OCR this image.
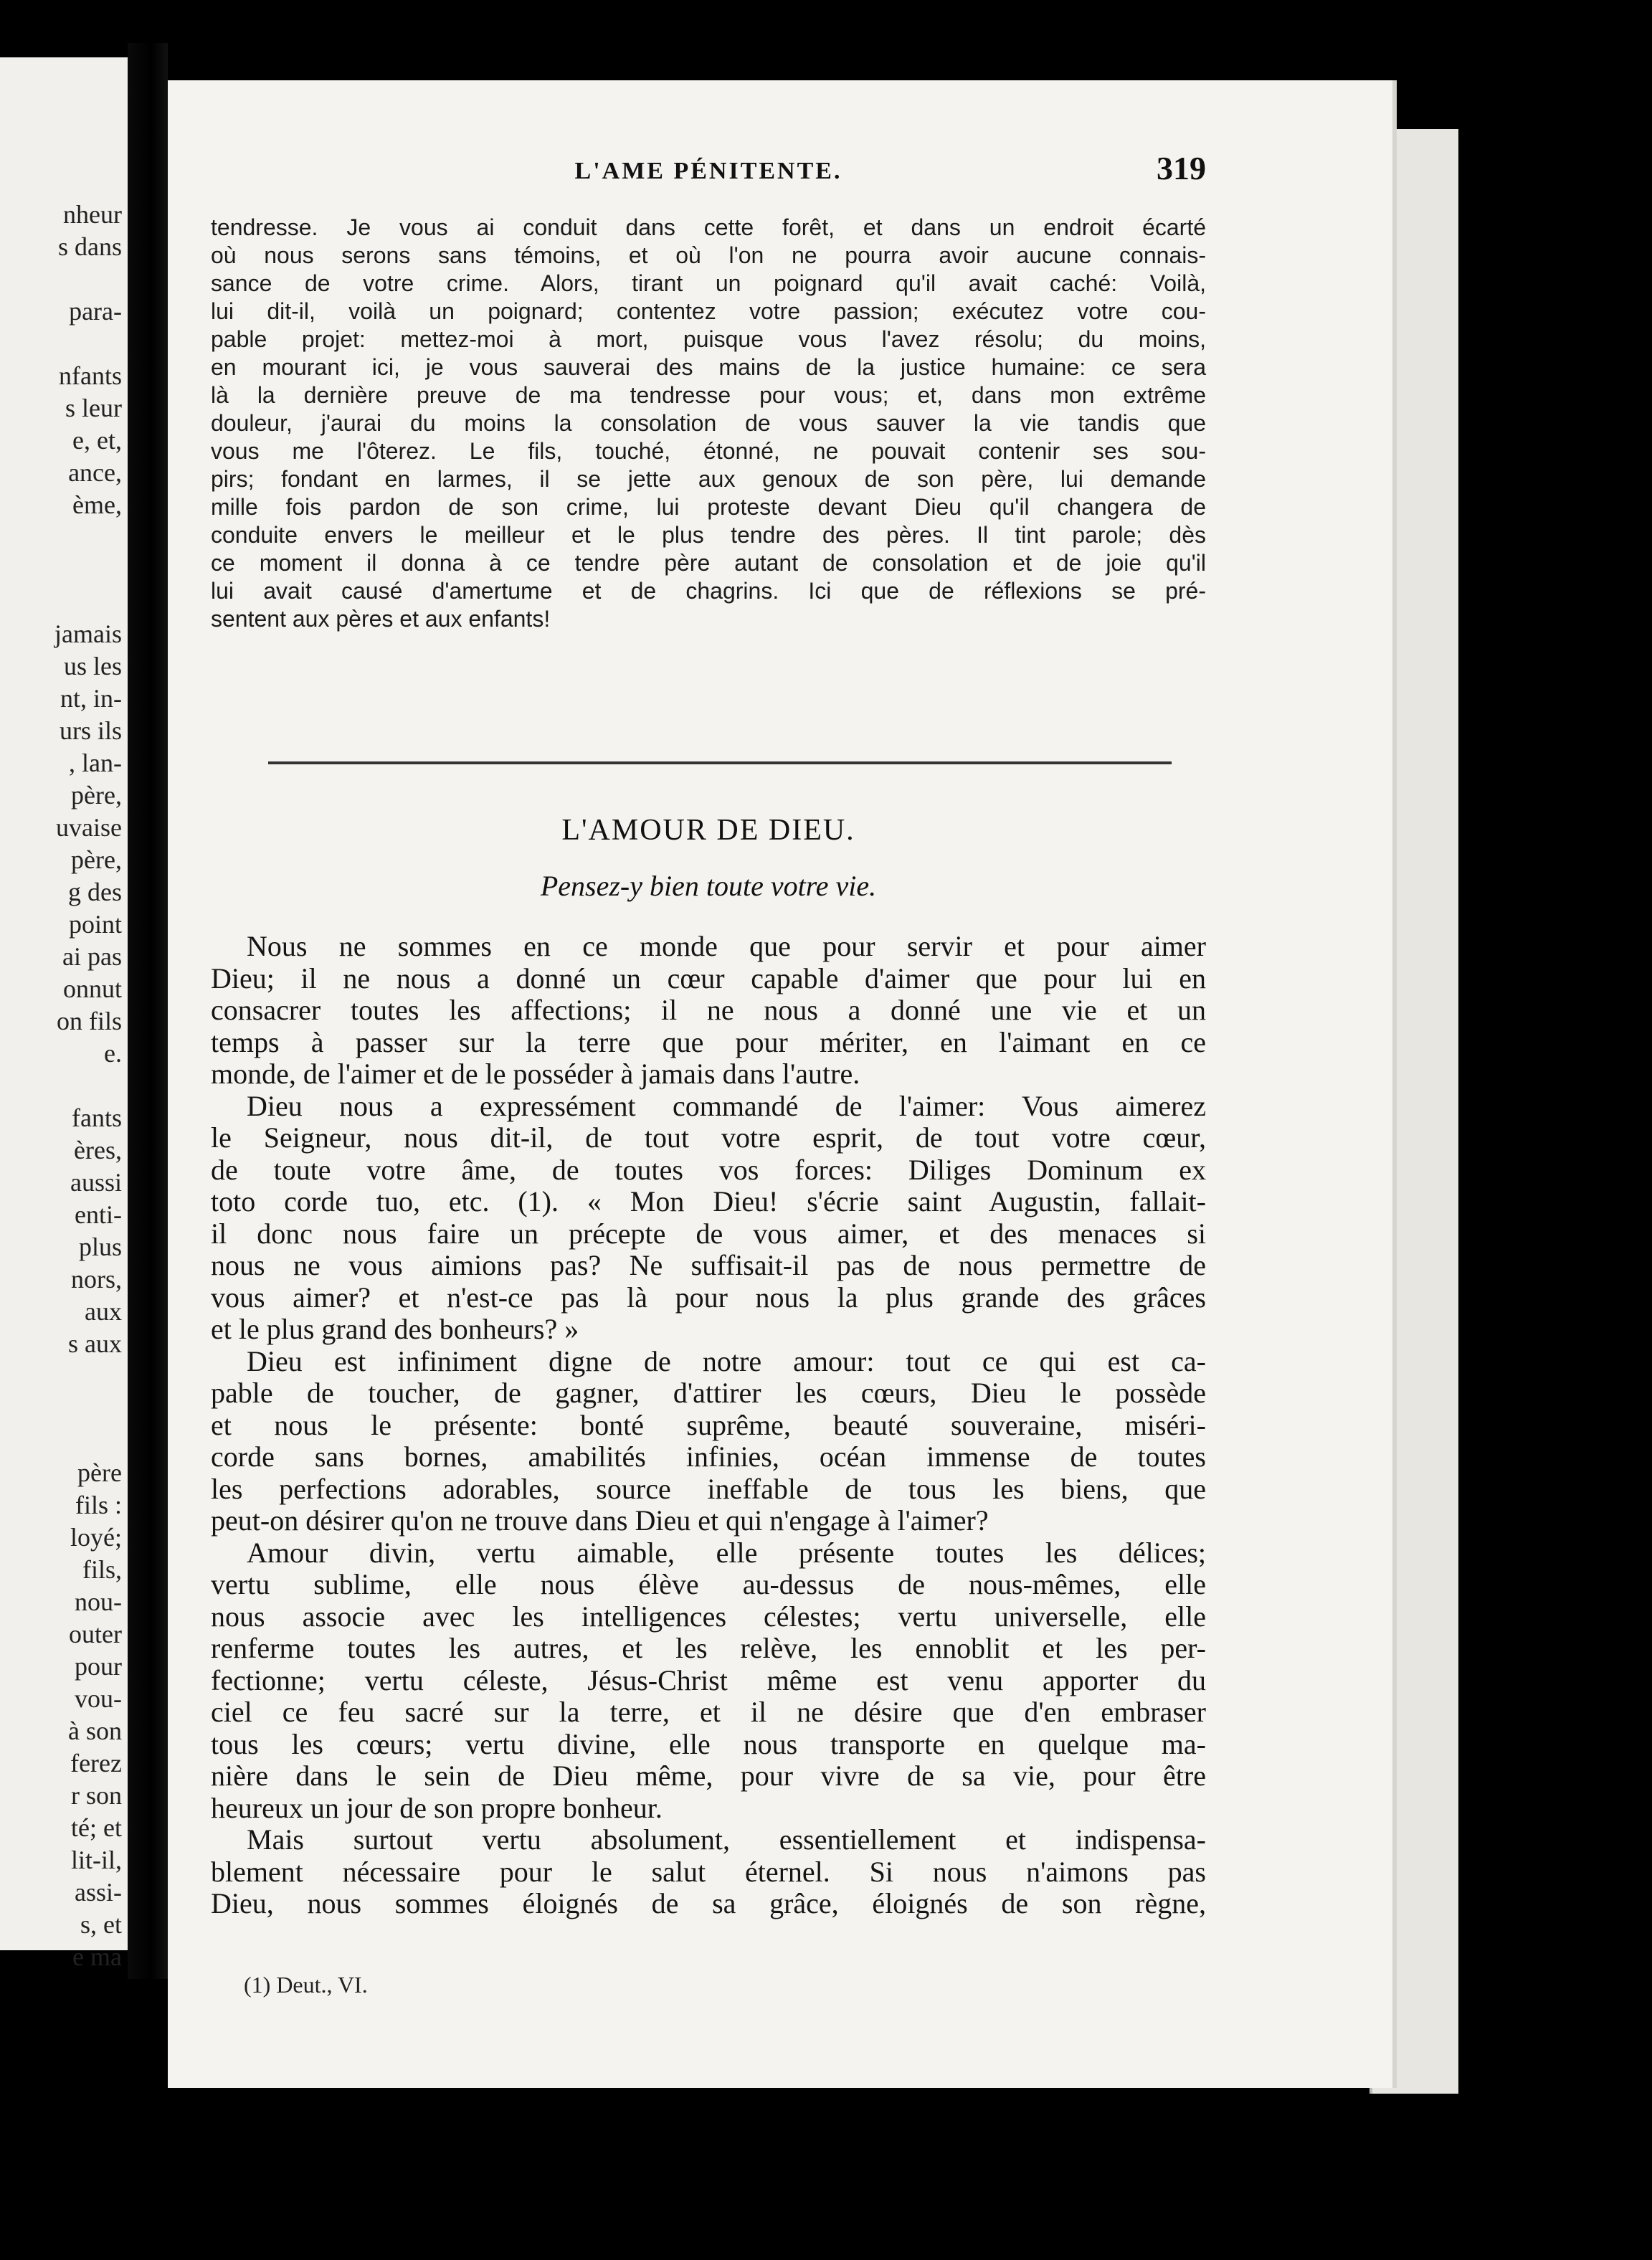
nheur
s dans
para-
nfants
s leur
e, et,
ance,
ème,
jamais
us les
nt, in-
urs ils
, lan-
père,
uvaise
père,
g des
point
ai pas
onnut
on fils
e.
fants
ères,
aussi
enti-
plus
nors,
aux
s aux
père
fils :
loyé;
fils,
nou-
outer
pour
vou-
à son
ferez
r son
té; et
lit-il,
assi-
s, et
e ma
L'AME PÉNITENTE.	319
tendresse. Je vous ai conduit dans cette forêt, et dans un endroit écarté
où nous serons sans témoins, et où l'on ne pourra avoir aucune connais-
sance de votre crime. Alors, tirant un poignard qu'il avait caché: Voilà,
lui dit-il, voilà un poignard; contentez votre passion; exécutez votre cou-
pable projet: mettez-moi à mort, puisque vous l'avez résolu; du moins,
en mourant ici, je vous sauverai des mains de la justice humaine: ce sera
là la dernière preuve de ma tendresse pour vous; et, dans mon extrême
douleur, j'aurai du moins la consolation de vous sauver la vie tandis que
vous me l'ôterez. Le fils, touché, étonné, ne pouvait contenir ses sou-
pirs; fondant en larmes, il se jette aux genoux de son père, lui demande
mille fois pardon de son crime, lui proteste devant Dieu qu'il changera de
conduite envers le meilleur et le plus tendre des pères. Il tint parole; dès
ce moment il donna à ce tendre père autant de consolation et de joie qu'il
lui avait causé d'amertume et de chagrins. Ici que de réflexions se pré-
sentent aux pères et aux enfants!
L'AMOUR DE DIEU.
Pensez-y bien toute votre vie.
Nous ne sommes en ce monde que pour servir et pour aimer
Dieu; il ne nous a donné un cœur capable d'aimer que pour lui en
consacrer toutes les affections; il ne nous a donné une vie et un
temps à passer sur la terre que pour mériter, en l'aimant en ce
monde, de l'aimer et de le posséder à jamais dans l'autre.
Dieu nous a expressément commandé de l'aimer: Vous aimerez
le Seigneur, nous dit-il, de tout votre esprit, de tout votre cœur,
de toute votre âme, de toutes vos forces: Diliges Dominum ex
toto corde tuo, etc. (1). « Mon Dieu! s'écrie saint Augustin, fallait-
il donc nous faire un précepte de vous aimer, et des menaces si
nous ne vous aimions pas? Ne suffisait-il pas de nous permettre de
vous aimer? et n'est-ce pas là pour nous la plus grande des grâces
et le plus grand des bonheurs? »
Dieu est infiniment digne de notre amour: tout ce qui est ca-
pable de toucher, de gagner, d'attirer les cœurs, Dieu le possède
et nous le présente: bonté suprême, beauté souveraine, miséri-
corde sans bornes, amabilités infinies, océan immense de toutes
les perfections adorables, source ineffable de tous les biens, que
peut-on désirer qu'on ne trouve dans Dieu et qui n'engage à l'aimer?
Amour divin, vertu aimable, elle présente toutes les délices;
vertu sublime, elle nous élève au-dessus de nous-mêmes, elle
nous associe avec les intelligences célestes; vertu universelle, elle
renferme toutes les autres, et les relève, les ennoblit et les per-
fectionne; vertu céleste, Jésus-Christ même est venu apporter du
ciel ce feu sacré sur la terre, et il ne désire que d'en embraser
tous les cœurs; vertu divine, elle nous transporte en quelque ma-
nière dans le sein de Dieu même, pour vivre de sa vie, pour être
heureux un jour de son propre bonheur.
Mais surtout vertu absolument, essentiellement et indispensa-
blement nécessaire pour le salut éternel. Si nous n'aimons pas
Dieu, nous sommes éloignés de sa grâce, éloignés de son règne,
(1) Deut., VI.
